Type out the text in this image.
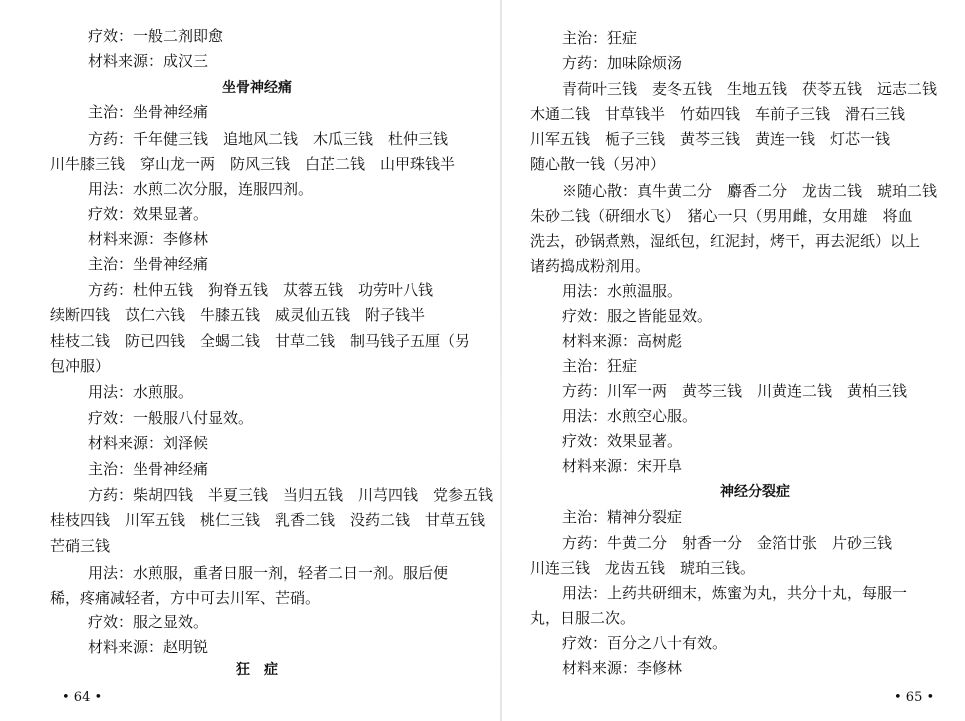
疗效：一般二剂即愈
材料来源：成汉三
坐骨神经痛
主治：坐骨神经痛
方药：千年健三钱　追地风二钱　木瓜三钱　杜仲三钱
川牛膝三钱　穿山龙一两　防风三钱　白芷二钱　山甲珠钱半
用法：水煎二次分服，连服四剂。
疗效：效果显著。
材料来源：李修林
主治：坐骨神经痛
方药：杜仲五钱　狗脊五钱　苁蓉五钱　功劳叶八钱
续断四钱　苡仁六钱　牛膝五钱　威灵仙五钱　附子钱半
桂枝二钱　防已四钱　全蝎二钱　甘草二钱　制马钱子五厘（另
包冲服）
用法：水煎服。
疗效：一般服八付显效。
材料来源：刘泽候
主治：坐骨神经痛
方药：柴胡四钱　半夏三钱　当归五钱　川芎四钱　党参五钱
桂枝四钱　川军五钱　桃仁三钱　乳香二钱　没药二钱　甘草五钱
芒硝三钱
用法：水煎服，重者日服一剂，轻者二日一剂。服后便
稀，疼痛减轻者，方中可去川军、芒硝。
疗效：服之显效。
材料来源：赵明锐
狂　症
• 64 •
主治：狂症
方药：加味除烦汤
青荷叶三钱　麦冬五钱　生地五钱　茯苓五钱　远志二钱
木通二钱　甘草钱半　竹茹四钱　车前子三钱　滑石三钱
川军五钱　栀子三钱　黄芩三钱　黄连一钱　灯芯一钱
随心散一钱（另冲）
※随心散：真牛黄二分　麝香二分　龙齿二钱　琥珀二钱
朱砂二钱（研细水飞）　猪心一只（男用雌，女用雄　将血
洗去，砂锅煮熟，湿纸包，红泥封，烤干，再去泥纸）以上
诸药捣成粉剂用。
用法：水煎温服。
疗效：服之皆能显效。
材料来源：高树彪
主治：狂症
方药：川军一两　黄芩三钱　川黄连二钱　黄柏三钱
用法：水煎空心服。
疗效：效果显著。
材料来源：宋开阜
神经分裂症
主治：精神分裂症
方药：牛黄二分　射香一分　金箔廿张　片砂三钱
川连三钱　龙齿五钱　琥珀三钱。
用法：上药共研细末，炼蜜为丸，共分十丸，每服一
丸，日服二次。
疗效：百分之八十有效。
材料来源：李修林
• 65 •
